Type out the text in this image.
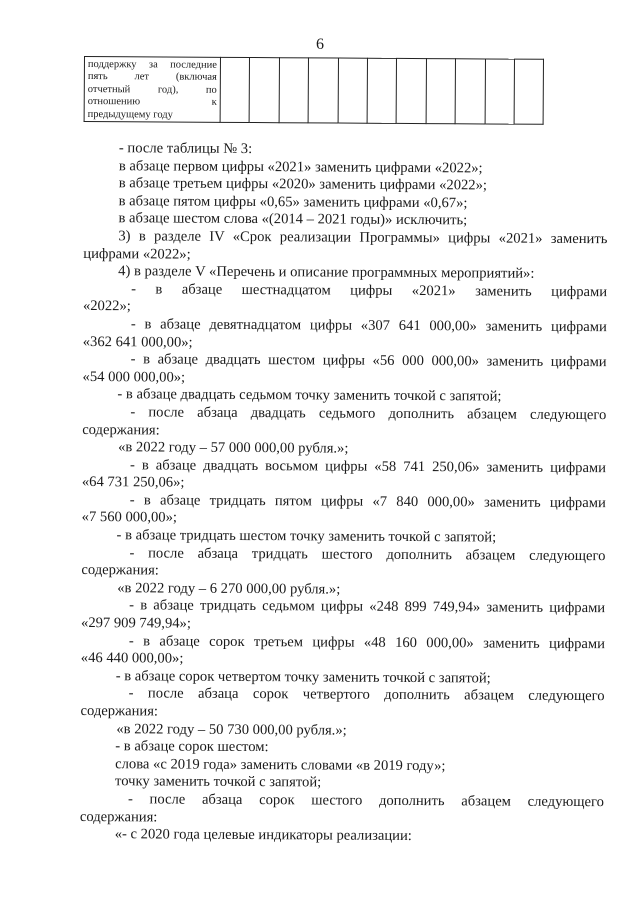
6
поддержку за последние
пять	лет	(включая
отчетный	год),	по
отношению	к
предыдущему году

- после таблицы № 3:

в абзаце первом цифры «2021» заменить цифрами «2022»;

в абзаце третьем цифры «2020» заменить цифрами «2022»;

в абзаце пятом цифры «0,65» заменить цифрами «0,67»;

в абзаце шестом слова «(2014 – 2021 годы)» исключить;

3) в разделе IV «Срок реализации Программы» цифры «2021» заменить

цифрами «2022»;

4) в разделе V «Перечень и описание программных мероприятий»:

- в абзаце шестнадцатом цифры «2021» заменить цифрами

«2022»;

- в абзаце девятнадцатом цифры «307 641 000,00» заменить цифрами

«362 641 000,00»;

- в абзаце двадцать шестом цифры «56 000 000,00» заменить цифрами

«54 000 000,00»;

- в абзаце двадцать седьмом точку заменить точкой с запятой;

- после абзаца двадцать седьмого дополнить абзацем следующего

содержания:

«в 2022 году – 57 000 000,00 рубля.»;

- в абзаце двадцать восьмом цифры «58 741 250,06» заменить цифрами

«64 731 250,06»;

- в абзаце тридцать пятом цифры «7 840 000,00» заменить цифрами

«7 560 000,00»;

- в абзаце тридцать шестом точку заменить точкой с запятой;

- после абзаца тридцать шестого дополнить абзацем следующего

содержания:

«в 2022 году – 6 270 000,00 рубля.»;

- в абзаце тридцать седьмом цифры «248 899 749,94» заменить цифрами

«297 909 749,94»;

- в абзаце сорок третьем цифры «48 160 000,00» заменить цифрами

«46 440 000,00»;

- в абзаце сорок четвертом точку заменить точкой с запятой;

- после абзаца сорок четвертого дополнить абзацем следующего

содержания:

«в 2022 году – 50 730 000,00 рубля.»;

- в абзаце сорок шестом:

слова «с 2019 года» заменить словами «в 2019 году»;

точку заменить точкой с запятой;

- после абзаца сорок шестого дополнить абзацем следующего

содержания:

«- с 2020 года целевые индикаторы реализации:
